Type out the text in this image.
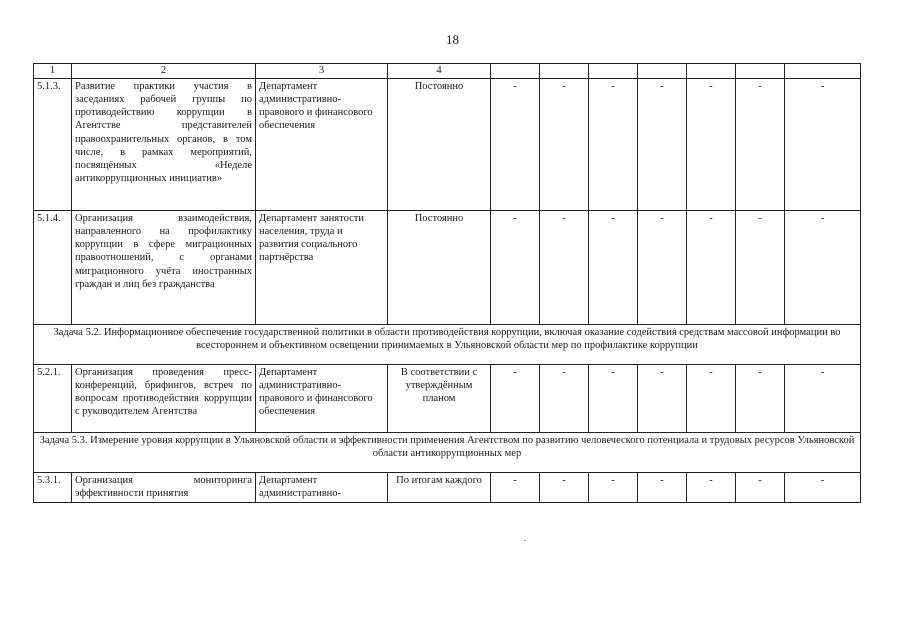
18
1	2	3	4							
5.1.3.	Развитие практики участия в заседаниях рабочей группы по противодействию коррупции в Агентстве представителей правоохранительных органов, в том числе, в рамках мероприятий, посвящённых «Неделе антикоррупционных инициатив»	Департамент административно-правового и финансового обеспечения	Постоянно	-	-	-	-	-	-	-
5.1.4.	Организация взаимодействия, направленного на профилактику коррупции в сфере миграционных правоотношений, с органами миграционного учёта иностранных граждан и лиц без гражданства	Департамент занятости населения, труда и развития социального партнёрства	Постоянно	-	-	-	-	-	-	-
Задача 5.2. Информационное обеспечение государственной политики в области противодействия коррупции, включая оказание содействия средствам массовой информации во всестороннем и объективном освещении принимаемых в Ульяновской области мер по профилактике коррупции										
5.2.1.	Организация проведения пресс-конференций, брифингов, встреч по вопросам противодействия коррупции с руководителем Агентства	Департамент административно-правового и финансового обеспечения	В соответствии с утверждённым планом	-	-	-	-	-	-	-
Задача 5.3. Измерение уровня коррупции в Ульяновской области и эффективности применения Агентством по развитию человеческого потенциала и трудовых ресурсов Ульяновской области антикоррупционных мер										
5.3.1.	Организация мониторинга эффективности принятия	Департамент административно-	По итогам каждого	-	-	-	-	-	-	-
